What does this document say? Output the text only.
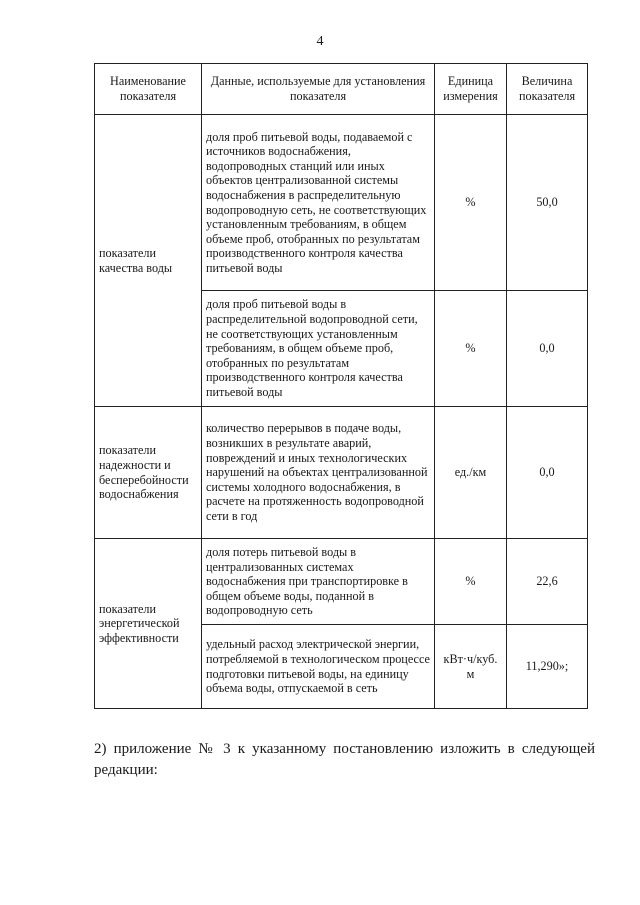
4
Наименование показателя	Данные, используемые для установления показателя	Единица измерения	Величина показателя
показатели качества воды	доля проб питьевой воды, подаваемой с источников водоснабжения, водопроводных станций или иных объектов централизованной системы водоснабжения в распределительную водопроводную сеть, не соответствующих установленным требованиям, в общем объеме проб, отобранных по результатам производственного контроля качества питьевой воды	%	50,0
	доля проб питьевой воды в распределительной водопроводной сети, не соответствующих установленным требованиям, в общем объеме проб, отобранных по результатам производственного контроля качества питьевой воды	%	0,0
показатели надежности и бесперебойности водоснабжения	количество перерывов в подаче воды, возникших в результате аварий, повреждений и иных технологических нарушений на объектах централизованной системы холодного водоснабжения, в расчете на протяженность водопроводной сети в год	ед./км	0,0
показатели энергетической эффективности	доля потерь питьевой воды в централизованных системах водоснабжения при транспортировке в общем объеме воды, поданной в водопроводную сеть	%	22,6
	удельный расход электрической энергии, потребляемой в технологическом процессе подготовки питьевой воды, на единицу объема воды, отпускаемой в сеть	кВт·ч/куб. м	11,290»;

2) приложение № 3 к указанному постановлению изложить в следующей редакции:
